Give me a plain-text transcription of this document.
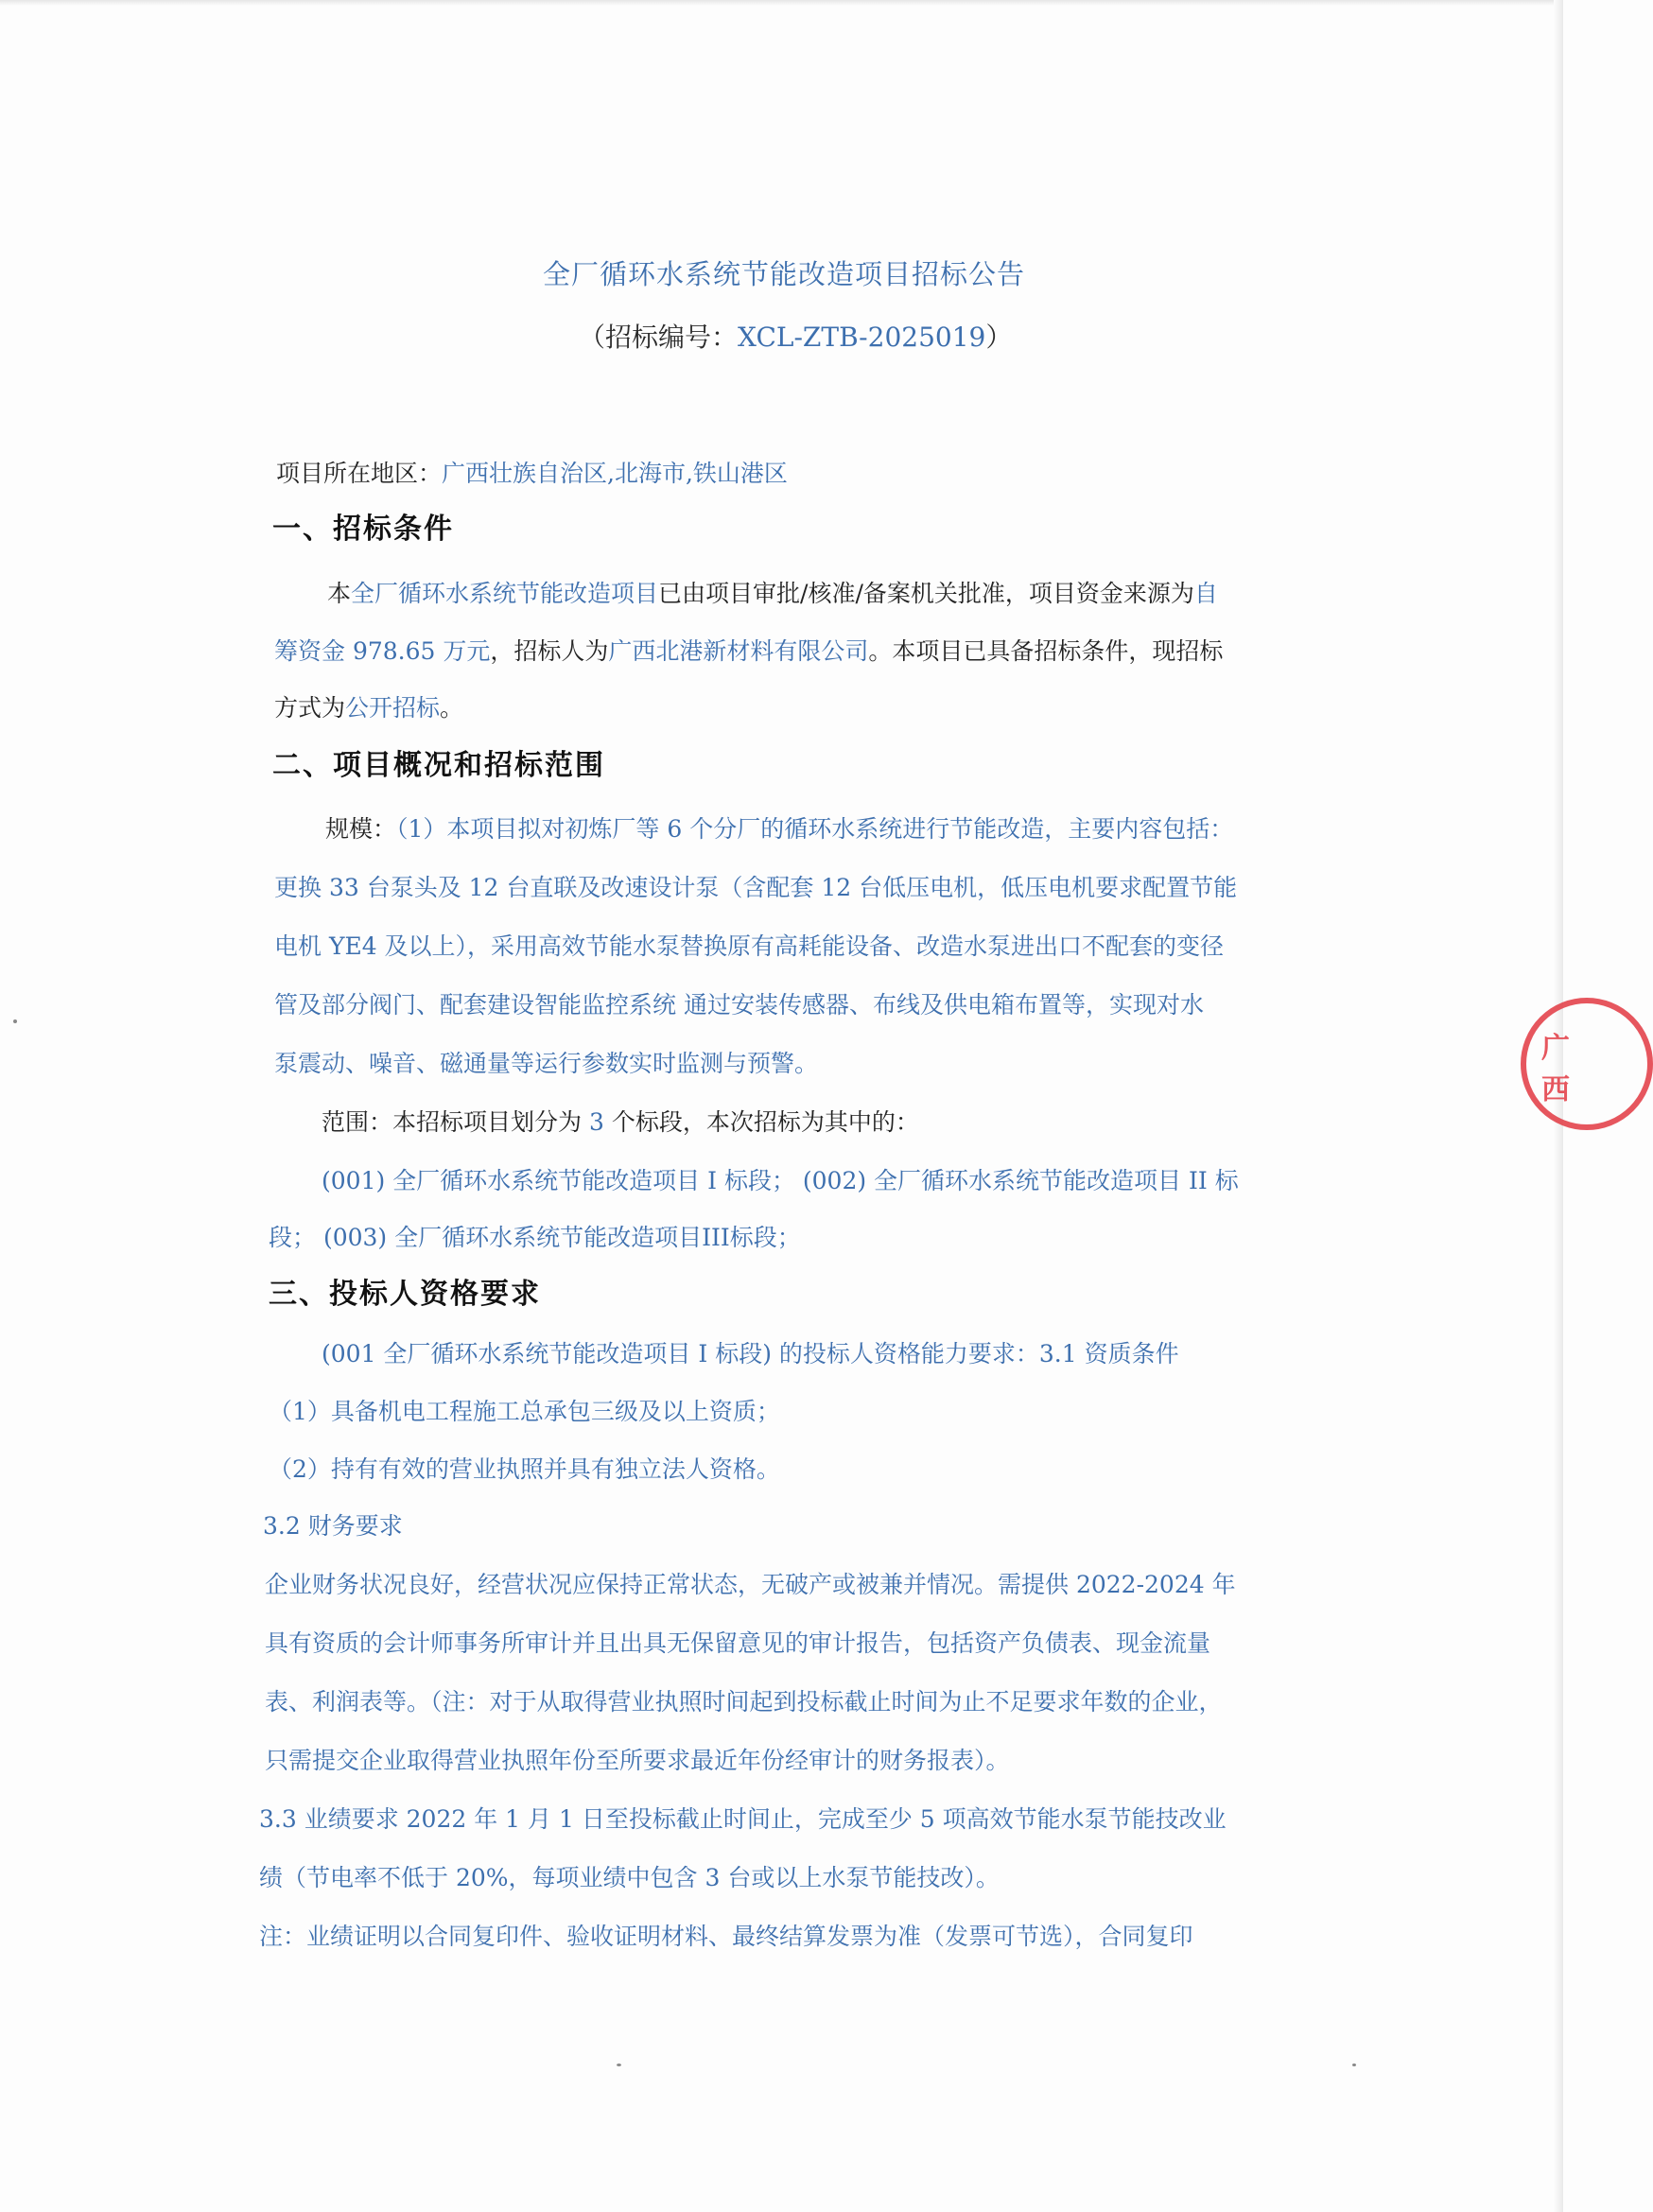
广
西
全厂循环水系统节能改造项目招标公告
（招标编号：XCL-ZTB-2025019）
项目所在地区：广西壮族自治区,北海市,铁山港区
一、招标条件
本全厂循环水系统节能改造项目已由项目审批/核准/备案机关批准，项目资金来源为自
筹资金 978.65 万元，招标人为广西北港新材料有限公司。本项目已具备招标条件，现招标
方式为公开招标。
二、项目概况和招标范围
规模：（1）本项目拟对初炼厂等 6 个分厂的循环水系统进行节能改造，主要内容包括：
更换 33 台泵头及 12 台直联及改速设计泵（含配套 12 台低压电机，低压电机要求配置节能
电机 YE4 及以上），采用高效节能水泵替换原有高耗能设备、改造水泵进出口不配套的变径
管及部分阀门、配套建设智能监控系统 通过安装传感器、布线及供电箱布置等，实现对水
泵震动、噪音、磁通量等运行参数实时监测与预警。
范围：本招标项目划分为 3 个标段，本次招标为其中的：
(001) 全厂循环水系统节能改造项目 I 标段； (002) 全厂循环水系统节能改造项目 II 标
段； (003) 全厂循环水系统节能改造项目III标段；
三、投标人资格要求
(001 全厂循环水系统节能改造项目 I 标段) 的投标人资格能力要求：3.1 资质条件
（1）具备机电工程施工总承包三级及以上资质；
（2）持有有效的营业执照并具有独立法人资格。
3.2 财务要求
企业财务状况良好，经营状况应保持正常状态，无破产或被兼并情况。需提供 2022-2024 年
具有资质的会计师事务所审计并且出具无保留意见的审计报告，包括资产负债表、现金流量
表、利润表等。（注：对于从取得营业执照时间起到投标截止时间为止不足要求年数的企业，
只需提交企业取得营业执照年份至所要求最近年份经审计的财务报表）。
3.3 业绩要求 2022 年 1 月 1 日至投标截止时间止，完成至少 5 项高效节能水泵节能技改业
绩（节电率不低于 20%，每项业绩中包含 3 台或以上水泵节能技改）。
注：业绩证明以合同复印件、验收证明材料、最终结算发票为准（发票可节选），合同复印
